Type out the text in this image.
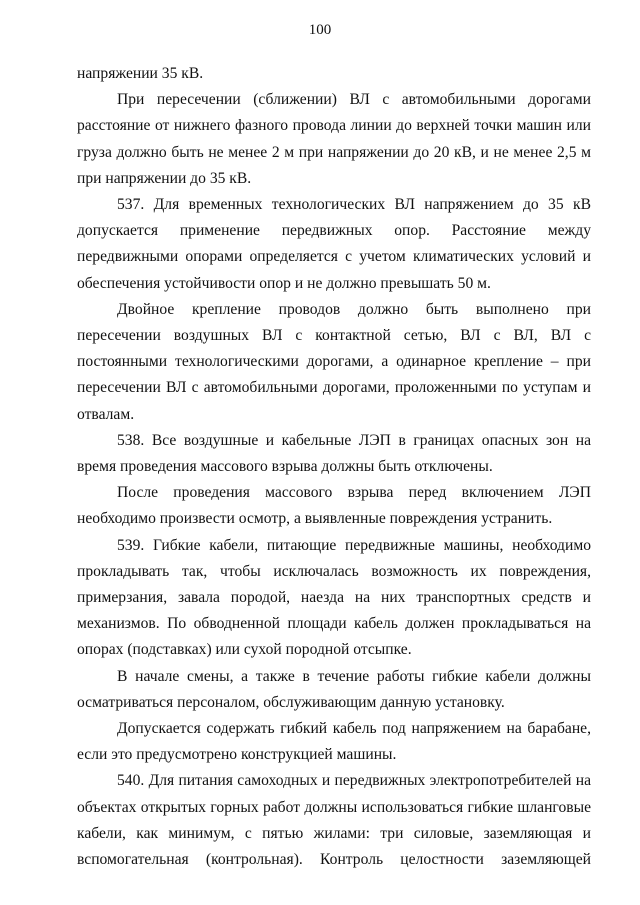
100

напряжении 35 кВ.

При пересечении (сближении) ВЛ с автомобильными дорогами расстояние от нижнего фазного провода линии до верхней точки машин или груза должно быть не менее 2 м при напряжении до 20 кВ, и не менее 2,5 м при напряжении до 35 кВ.

537. Для временных технологических ВЛ напряжением до 35 кВ допускается применение передвижных опор. Расстояние между передвижными опорами определяется с учетом климатических условий и обеспечения устойчивости опор и не должно превышать 50 м.

Двойное крепление проводов должно быть выполнено при пересечении воздушных ВЛ с контактной сетью, ВЛ с ВЛ, ВЛ с постоянными технологическими дорогами, а одинарное крепление – при пересечении ВЛ с автомобильными дорогами, проложенными по уступам и отвалам.

538. Все воздушные и кабельные ЛЭП в границах опасных зон на время проведения массового взрыва должны быть отключены.

После проведения массового взрыва перед включением ЛЭП необходимо произвести осмотр, а выявленные повреждения устранить.

539. Гибкие кабели, питающие передвижные машины, необходимо прокладывать так, чтобы исключалась возможность их повреждения, примерзания, завала породой, наезда на них транспортных средств и механизмов. По обводненной площади кабель должен прокладываться на опорах (подставках) или сухой породной отсыпке.

В начале смены, а также в течение работы гибкие кабели должны осматриваться персоналом, обслуживающим данную установку.

Допускается содержать гибкий кабель под напряжением на барабане, если это предусмотрено конструкцией машины.

540. Для питания самоходных и передвижных электропотребителей на объектах открытых горных работ должны использоваться гибкие шланговые кабели, как минимум, с пятью жилами: три силовые, заземляющая и вспомогательная (контрольная). Контроль целостности заземляющей
